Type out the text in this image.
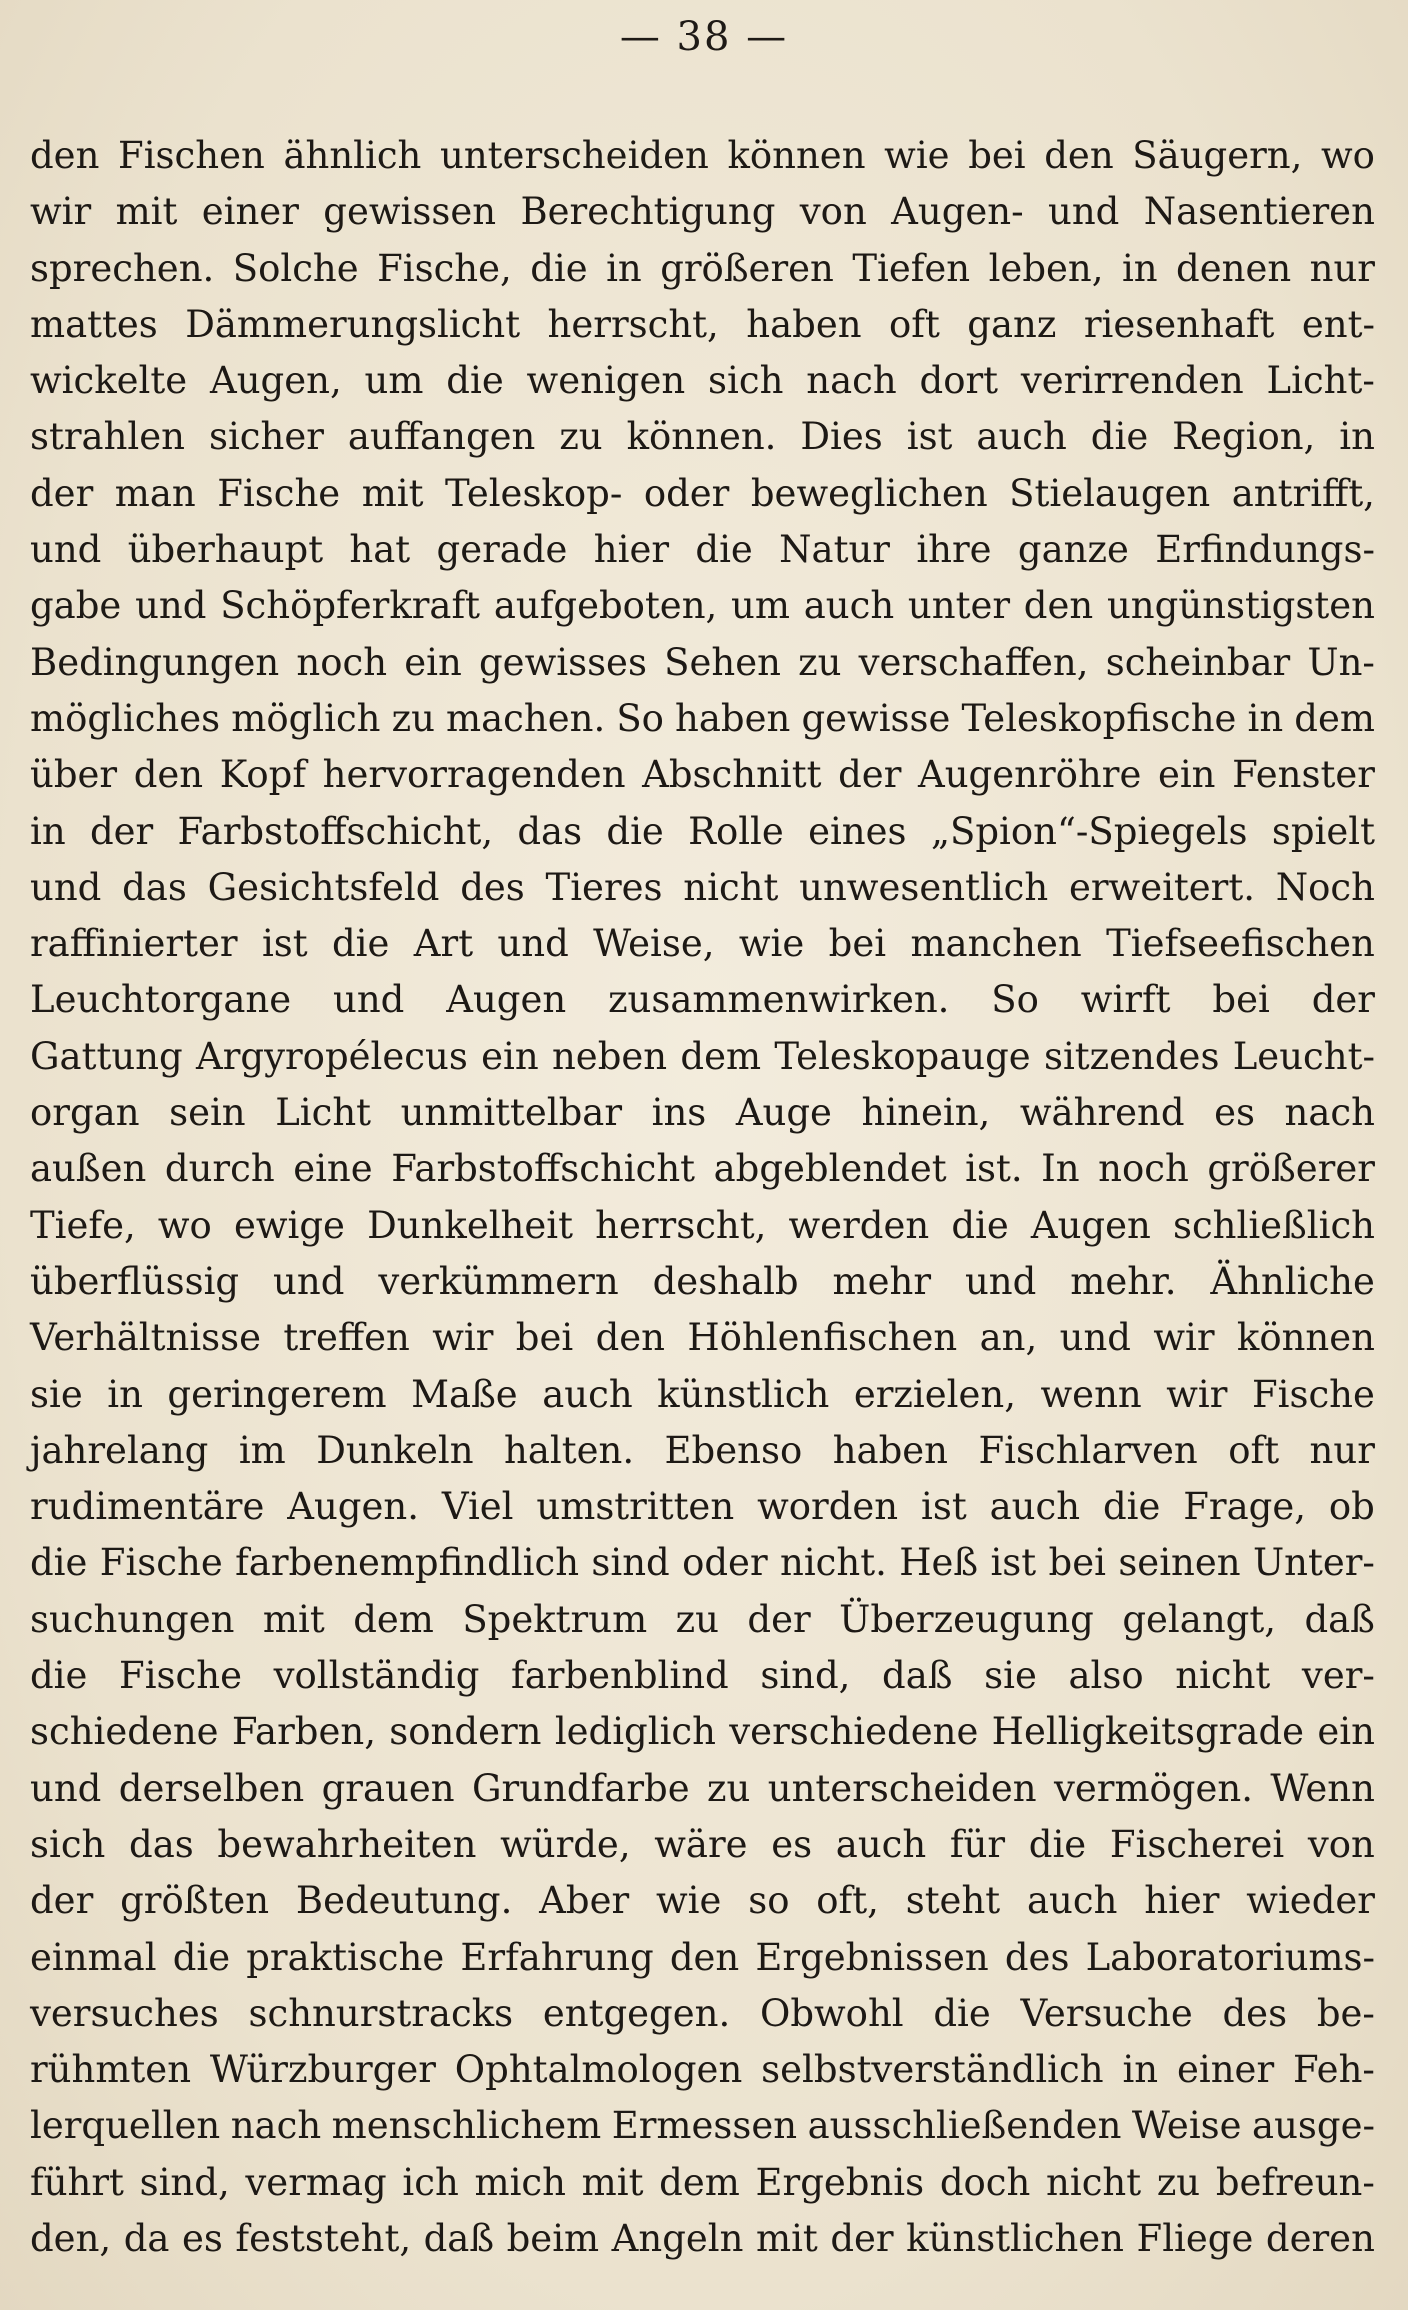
— 38 —
den Fischen ähnlich unterscheiden können wie bei den Säugern, wo
wir mit einer gewissen Berechtigung von Augen- und Nasentieren
sprechen. Solche Fische, die in größeren Tiefen leben, in denen nur
mattes Dämmerungslicht herrscht, haben oft ganz riesenhaft ent-
wickelte Augen, um die wenigen sich nach dort verirrenden Licht-
strahlen sicher auffangen zu können. Dies ist auch die Region, in
der man Fische mit Teleskop- oder beweglichen Stielaugen antrifft,
und überhaupt hat gerade hier die Natur ihre ganze Erfindungs-
gabe und Schöpferkraft aufgeboten, um auch unter den ungünstigsten
Bedingungen noch ein gewisses Sehen zu verschaffen, scheinbar Un-
mögliches möglich zu machen. So haben gewisse Teleskopfische in dem
über den Kopf hervorragenden Abschnitt der Augenröhre ein Fenster
in der Farbstoffschicht, das die Rolle eines „Spion“-Spiegels spielt
und das Gesichtsfeld des Tieres nicht unwesentlich erweitert. Noch
raffinierter ist die Art und Weise, wie bei manchen Tiefseefischen
Leuchtorgane und Augen zusammenwirken. So wirft bei der
Gattung Argyropélecus ein neben dem Teleskopauge sitzendes Leucht-
organ sein Licht unmittelbar ins Auge hinein, während es nach
außen durch eine Farbstoffschicht abgeblendet ist. In noch größerer
Tiefe, wo ewige Dunkelheit herrscht, werden die Augen schließlich
überflüssig und verkümmern deshalb mehr und mehr. Ähnliche
Verhältnisse treffen wir bei den Höhlenfischen an, und wir können
sie in geringerem Maße auch künstlich erzielen, wenn wir Fische
jahrelang im Dunkeln halten. Ebenso haben Fischlarven oft nur
rudimentäre Augen. Viel umstritten worden ist auch die Frage, ob
die Fische farbenempfindlich sind oder nicht. Heß ist bei seinen Unter-
suchungen mit dem Spektrum zu der Überzeugung gelangt, daß
die Fische vollständig farbenblind sind, daß sie also nicht ver-
schiedene Farben, sondern lediglich verschiedene Helligkeitsgrade ein
und derselben grauen Grundfarbe zu unterscheiden vermögen. Wenn
sich das bewahrheiten würde, wäre es auch für die Fischerei von
der größten Bedeutung. Aber wie so oft, steht auch hier wieder
einmal die praktische Erfahrung den Ergebnissen des Laboratoriums-
versuches schnurstracks entgegen. Obwohl die Versuche des be-
rühmten Würzburger Ophtalmologen selbstverständlich in einer Feh-
lerquellen nach menschlichem Ermessen ausschließenden Weise ausge-
führt sind, vermag ich mich mit dem Ergebnis doch nicht zu befreun-
den, da es feststeht, daß beim Angeln mit der künstlichen Fliege deren
